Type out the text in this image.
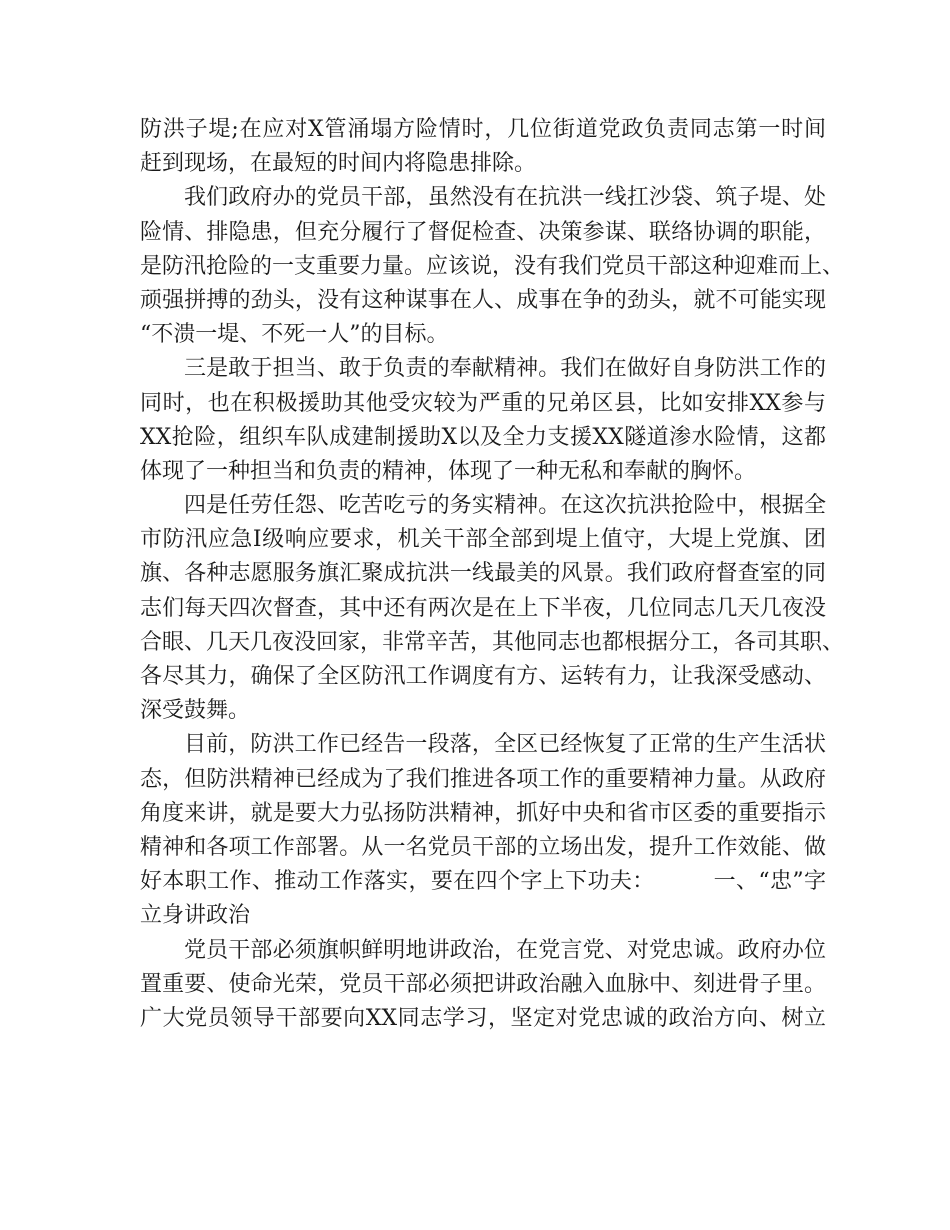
防洪子堤;在应对X管涌塌方险情时，几位街道党政负责同志第一时间
赶到现场，在最短的时间内将隐患排除。
我们政府办的党员干部，虽然没有在抗洪一线扛沙袋、筑子堤、处
险情、排隐患，但充分履行了督促检查、决策参谋、联络协调的职能，
是防汛抢险的一支重要力量。应该说，没有我们党员干部这种迎难而上、
顽强拼搏的劲头，没有这种谋事在人、成事在争的劲头，就不可能实现
“不溃一堤、不死一人”的目标。
三是敢于担当、敢于负责的奉献精神。我们在做好自身防洪工作的
同时，也在积极援助其他受灾较为严重的兄弟区县，比如安排XX参与
XX抢险，组织车队成建制援助X以及全力支援XX隧道渗水险情，这都
体现了一种担当和负责的精神，体现了一种无私和奉献的胸怀。
四是任劳任怨、吃苦吃亏的务实精神。在这次抗洪抢险中，根据全
市防汛应急Ⅰ级响应要求，机关干部全部到堤上值守，大堤上党旗、团
旗、各种志愿服务旗汇聚成抗洪一线最美的风景。我们政府督查室的同
志们每天四次督查，其中还有两次是在上下半夜，几位同志几天几夜没
合眼、几天几夜没回家，非常辛苦，其他同志也都根据分工，各司其职、
各尽其力，确保了全区防汛工作调度有方、运转有力，让我深受感动、
深受鼓舞。
目前，防洪工作已经告一段落，全区已经恢复了正常的生产生活状
态，但防洪精神已经成为了我们推进各项工作的重要精神力量。从政府
角度来讲，就是要大力弘扬防洪精神，抓好中央和省市区委的重要指示
精神和各项工作部署。从一名党员干部的立场出发，提升工作效能、做
好本职工作、推动工作落实，要在四个字上下功夫：        一、“忠”字
立身讲政治
党员干部必须旗帜鲜明地讲政治，在党言党、对党忠诚。政府办位
置重要、使命光荣，党员干部必须把讲政治融入血脉中、刻进骨子里。
广大党员领导干部要向XX同志学习，坚定对党忠诚的政治方向、树立
